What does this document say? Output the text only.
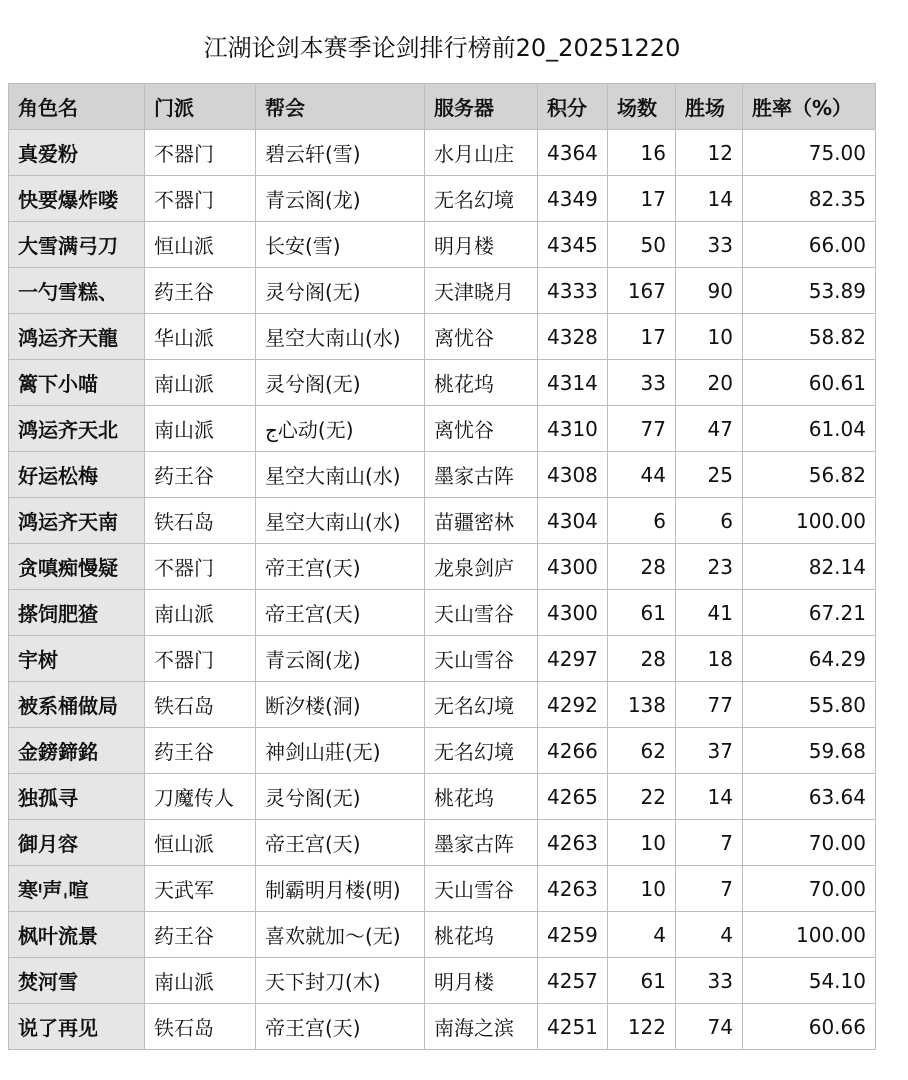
江湖论剑本赛季论剑排行榜前20_20251220
角色名	门派	帮会	服务器	积分	场数	胜场	胜率（%）
真爱粉	不器门	碧云轩(雪)	水月山庄	4364	16	12	75.00
快要爆炸喽	不器门	青云阁(龙)	无名幻境	4349	17	14	82.35
大雪满弓刀	恒山派	长安(雪)	明月楼	4345	50	33	66.00
一勺雪糕、	药王谷	灵兮阁(无)	天津晓月	4333	167	90	53.89
鸿运齐天龍	华山派	星空大南山(水)	离忧谷	4328	17	10	58.82
篱下小喵	南山派	灵兮阁(无)	桃花坞	4314	33	20	60.61
鸿运齐天北	南山派	ج心动(无)	离忧谷	4310	77	47	61.04
好运松梅	药王谷	星空大南山(水)	墨家古阵	4308	44	25	56.82
鸿运齐天南	铁石岛	星空大南山(水)	苗疆密林	4304	6	6	100.00
贪嗔痴慢疑	不器门	帝王宫(天)	龙泉剑庐	4300	28	23	82.14
搽饲肥猹	南山派	帝王宫(天)	天山雪谷	4300	61	41	67.21
宇树	不器门	青云阁(龙)	天山雪谷	4297	28	18	64.29
被系桶做局	铁石岛	断汐楼(洞)	无名幻境	4292	138	77	55.80
金鎊鍗銘	药王谷	神剑山莊(无)	无名幻境	4266	62	37	59.68
独孤寻	刀魔传人	灵兮阁(无)	桃花坞	4265	22	14	63.64
御月容	恒山派	帝王宫(天)	墨家古阵	4263	10	7	70.00
寒ᵎ声ˌ喧	天武军	制霸明月楼(明)	天山雪谷	4263	10	7	70.00
枫叶流景	药王谷	喜欢就加～(无)	桃花坞	4259	4	4	100.00
焚河雪	南山派	天下封刀(木)	明月楼	4257	61	33	54.10
说了再见	铁石岛	帝王宫(天)	南海之滨	4251	122	74	60.66
